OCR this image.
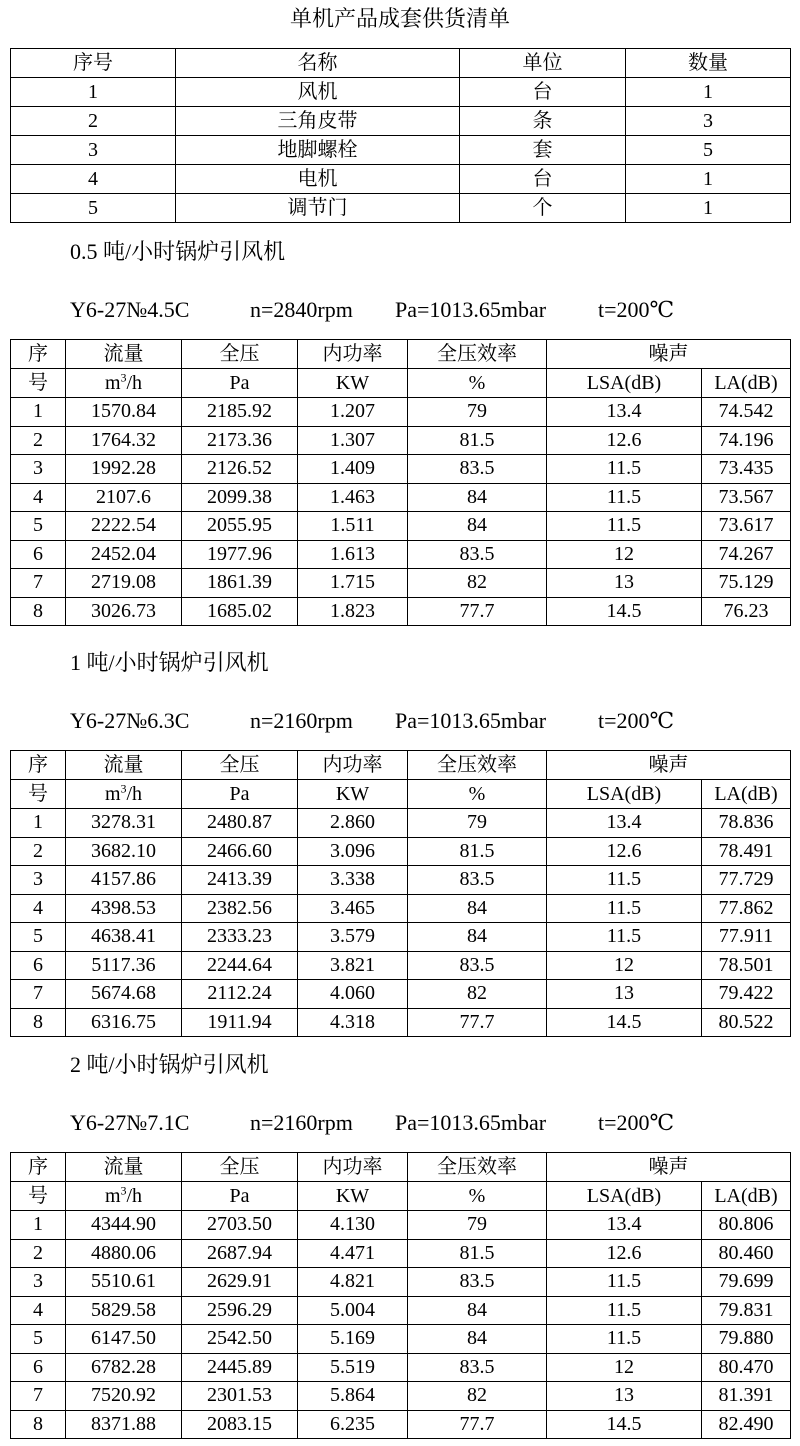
单机产品成套供货清单
序号	名称	单位	数量
1	风机	台	1
2	三角皮带	条	3
3	地脚螺栓	套	5
4	电机	台	1
5	调节门	个	1
0.5 吨/小时锅炉引风机
Y6-27№4.5C	n=2840rpm Pa=1013.65mbar t=200℃
序	流量	全压	内功率	全压效率	噪声	
号	$m^3/h$	Pa	KW	%	LSA(dB)	LA(dB)
1	1570.84	2185.92	1.207	79	13.4	74.542
2	1764.32	2173.36	1.307	81.5	12.6	74.196
3	1992.28	2126.52	1.409	83.5	11.5	73.435
4	2107.6	2099.38	1.463	84	11.5	73.567
5	2222.54	2055.95	1.511	84	11.5	73.617
6	2452.04	1977.96	1.613	83.5	12	74.267
7	2719.08	1861.39	1.715	82	13	75.129
8	3026.73	1685.02	1.823	77.7	14.5	76.23
1 吨/小时锅炉引风机
Y6-27№6.3C	n=2160rpm Pa=1013.65mbar t=200℃
序	流量	全压	内功率	全压效率	噪声	
号	$m^3/h$	Pa	KW	%	LSA(dB)	LA(dB)
1	3278.31	2480.87	2.860	79	13.4	78.836
2	3682.10	2466.60	3.096	81.5	12.6	78.491
3	4157.86	2413.39	3.338	83.5	11.5	77.729
4	4398.53	2382.56	3.465	84	11.5	77.862
5	4638.41	2333.23	3.579	84	11.5	77.911
6	5117.36	2244.64	3.821	83.5	12	78.501
7	5674.68	2112.24	4.060	82	13	79.422
8	6316.75	1911.94	4.318	77.7	14.5	80.522
2 吨/小时锅炉引风机
Y6-27№7.1C	n=2160rpm Pa=1013.65mbar t=200℃
序	流量	全压	内功率	全压效率	噪声	
号	$m^3/h$	Pa	KW	%	LSA(dB)	LA(dB)
1	4344.90	2703.50	4.130	79	13.4	80.806
2	4880.06	2687.94	4.471	81.5	12.6	80.460
3	5510.61	2629.91	4.821	83.5	11.5	79.699
4	5829.58	2596.29	5.004	84	11.5	79.831
5	6147.50	2542.50	5.169	84	11.5	79.880
6	6782.28	2445.89	5.519	83.5	12	80.470
7	7520.92	2301.53	5.864	82	13	81.391
8	8371.88	2083.15	6.235	77.7	14.5	82.490
